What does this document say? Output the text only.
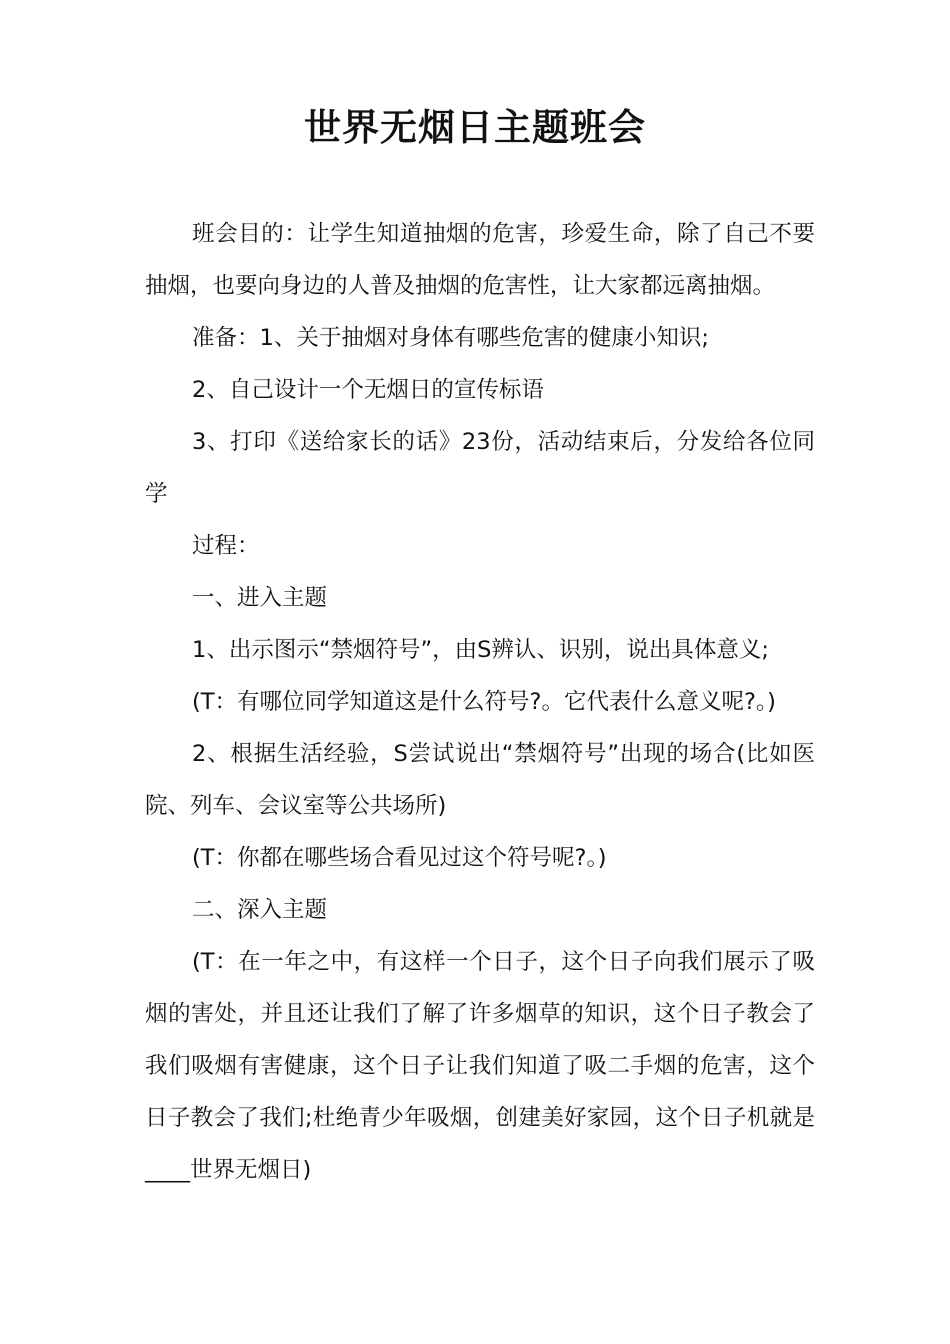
世界无烟日主题班会

班会目的：让学生知道抽烟的危害，珍爱生命，除了自己不要抽烟，也要向身边的人普及抽烟的危害性，让大家都远离抽烟。

准备：1、关于抽烟对身体有哪些危害的健康小知识;

2、自己设计一个无烟日的宣传标语

3、打印《送给家长的话》23份，活动结束后，分发给各位同学

过程：

一、进入主题

1、出示图示“禁烟符号”，由S辨认、识别，说出具体意义;

(T：有哪位同学知道这是什么符号?。它代表什么意义呢?。)

2、根据生活经验，S尝试说出“禁烟符号”出现的场合(比如医院、列车、会议室等公共场所)

(T：你都在哪些场合看见过这个符号呢?。)

二、深入主题

(T：在一年之中，有这样一个日子，这个日子向我们展示了吸烟的害处，并且还让我们了解了许多烟草的知识，这个日子教会了我们吸烟有害健康，这个日子让我们知道了吸二手烟的危害，这个日子教会了我们;杜绝青少年吸烟，创建美好家园，这个日子机就是____世界无烟日)
